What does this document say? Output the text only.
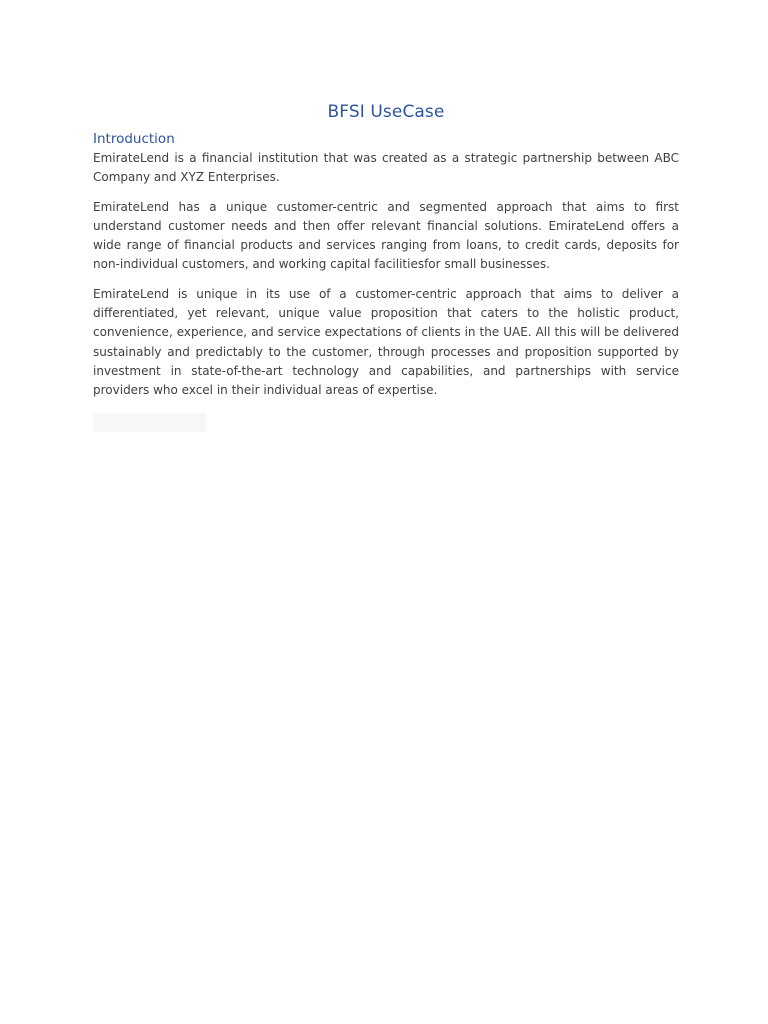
BFSI UseCase
Introduction

EmirateLend is a financial institution that was created as a strategic partnership between ABC Company and XYZ Enterprises.

EmirateLend has a unique customer-centric and segmented approach that aims to first understand customer needs and then offer relevant financial solutions. EmirateLend offers a wide range of financial products and services ranging from loans, to credit cards, deposits for non-individual customers, and working capital facilitiesfor small businesses.

EmirateLend is unique in its use of a customer-centric approach that aims to deliver a differentiated, yet relevant, unique value proposition that caters to the holistic product, convenience, experience, and service expectations of clients in the UAE. All this will be delivered sustainably and predictably to the customer, through processes and proposition supported by investment in state-of-the-art technology and capabilities, and partnerships with service providers who excel in their individual areas of expertise.
